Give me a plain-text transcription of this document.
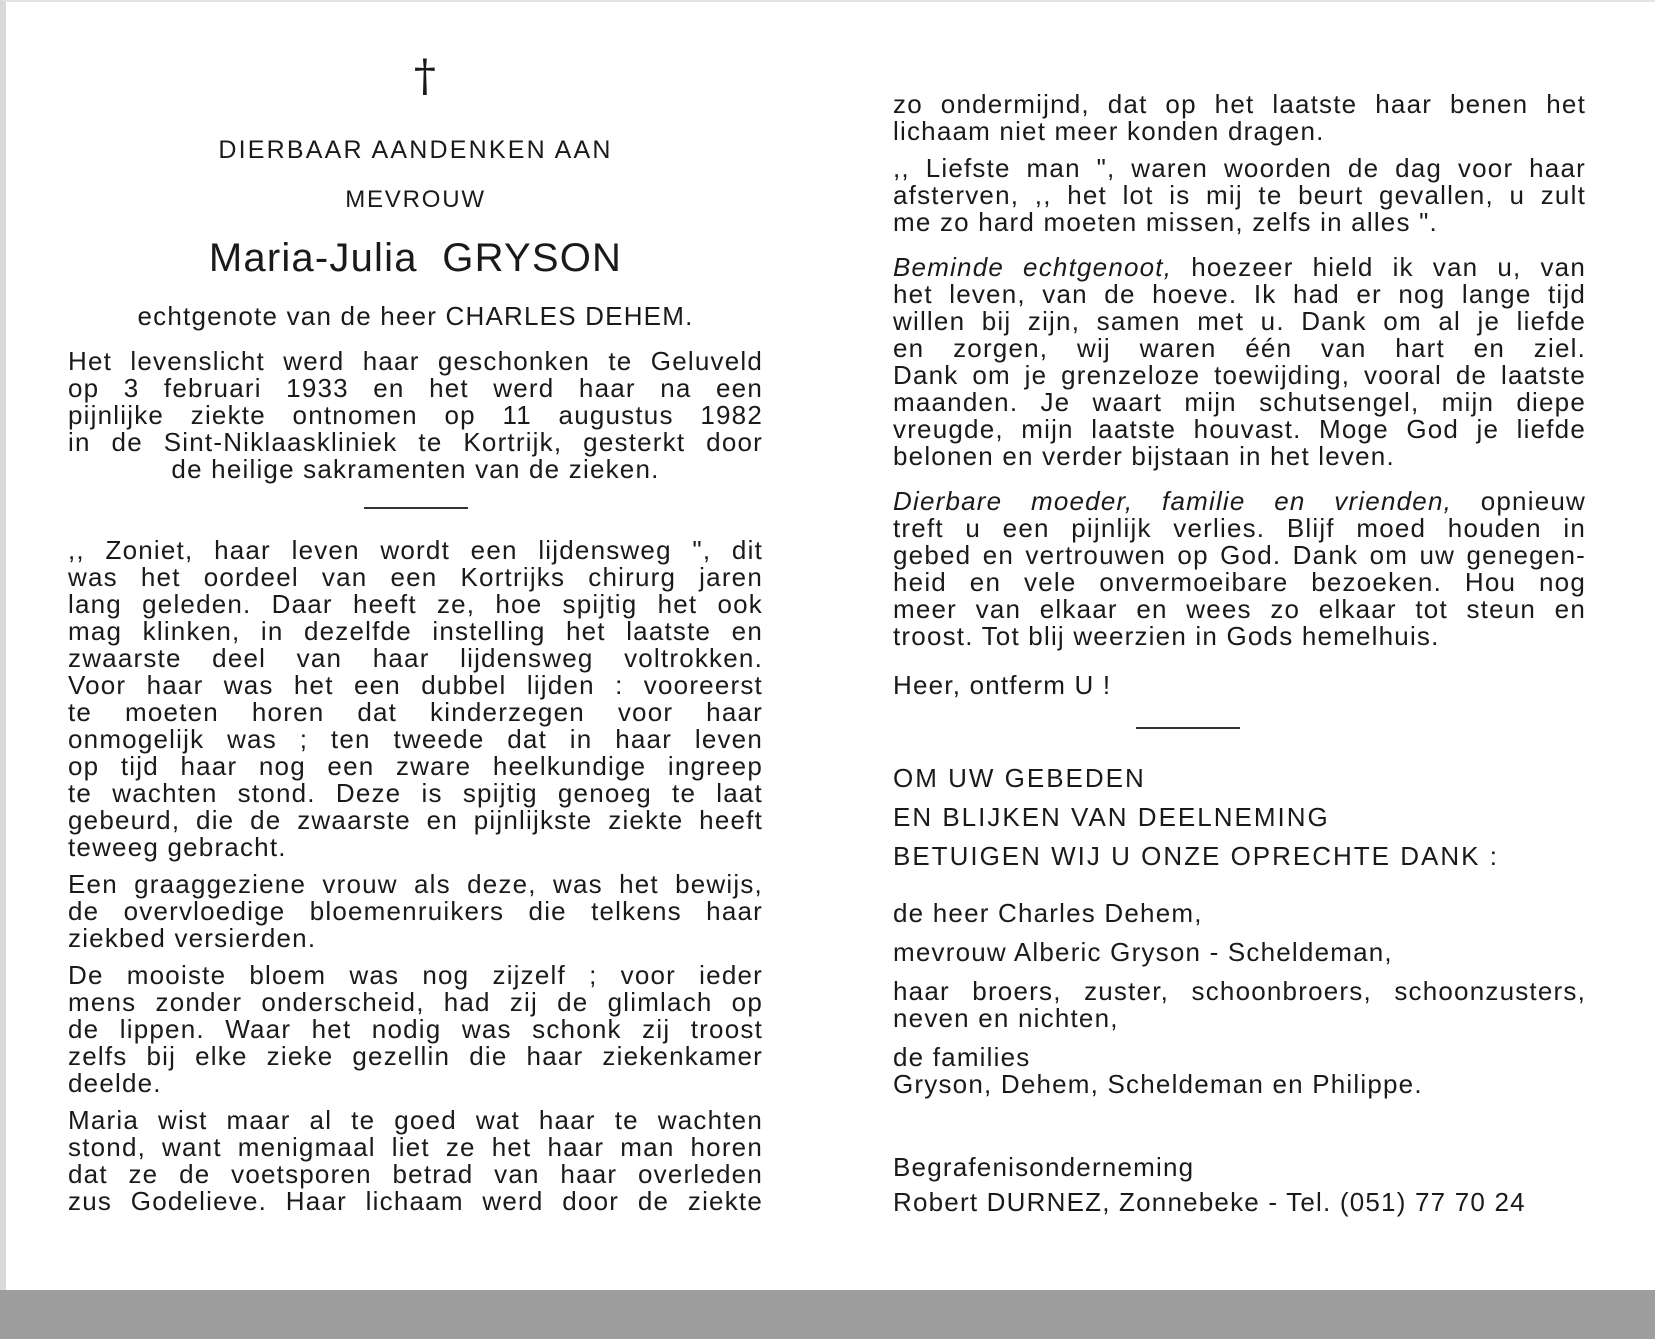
†
DIERBAAR AANDENKEN AAN
MEVROUW
Maria-Julia  GRYSON
echtgenote van de heer CHARLES DEHEM.
Het levenslicht werd haar geschonken te Geluveld
op 3 februari 1933 en het werd haar na een
pijnlijke ziekte ontnomen op 11 augustus 1982
in de Sint-Niklaaskliniek te Kortrijk, gesterkt door
de heilige sakramenten van de zieken.
,, Zoniet, haar leven wordt een lijdensweg ", dit
was het oordeel van een Kortrijks chirurg jaren
lang geleden. Daar heeft ze, hoe spijtig het ook
mag klinken, in dezelfde instelling het laatste en
zwaarste deel van haar lijdensweg voltrokken.
Voor haar was het een dubbel lijden : vooreerst
te moeten horen dat kinderzegen voor haar
onmogelijk was ; ten tweede dat in haar leven
op tijd haar nog een zware heelkundige ingreep
te wachten stond. Deze is spijtig genoeg te laat
gebeurd, die de zwaarste en pijnlijkste ziekte heeft
teweeg gebracht.
Een graaggeziene vrouw als deze, was het bewijs,
de overvloedige bloemenruikers die telkens haar
ziekbed versierden.
De mooiste bloem was nog zijzelf ; voor ieder
mens zonder onderscheid, had zij de glimlach op
de lippen. Waar het nodig was schonk zij troost
zelfs bij elke zieke gezellin die haar ziekenkamer
deelde.
Maria wist maar al te goed wat haar te wachten
stond, want menigmaal liet ze het haar man horen
dat ze de voetsporen betrad van haar overleden
zus Godelieve. Haar lichaam werd door de ziekte
zo ondermijnd, dat op het laatste haar benen het
lichaam niet meer konden dragen.
,, Liefste man ", waren woorden de dag voor haar
afsterven, ,, het lot is mij te beurt gevallen, u zult
me zo hard moeten missen, zelfs in alles ".
Beminde echtgenoot, hoezeer hield ik van u, van
het leven, van de hoeve. Ik had er nog lange tijd
willen bij zijn, samen met u. Dank om al je liefde
en zorgen, wij waren één van hart en ziel.
Dank om je grenzeloze toewijding, vooral de laatste
maanden. Je waart mijn schutsengel, mijn diepe
vreugde, mijn laatste houvast. Moge God je liefde
belonen en verder bijstaan in het leven.
Dierbare moeder, familie en vrienden, opnieuw
treft u een pijnlijk verlies. Blijf moed houden in
gebed en vertrouwen op God. Dank om uw genegen-
heid en vele onvermoeibare bezoeken. Hou nog
meer van elkaar en wees zo elkaar tot steun en
troost. Tot blij weerzien in Gods hemelhuis.
Heer, ontferm U !
OM UW GEBEDEN
EN BLIJKEN VAN DEELNEMING
BETUIGEN WIJ U ONZE OPRECHTE DANK :
de heer Charles Dehem,
mevrouw Alberic Gryson - Scheldeman,
haar broers, zuster, schoonbroers, schoonzusters,
neven en nichten,
de families
Gryson, Dehem, Scheldeman en Philippe.
Begrafenisonderneming
Robert DURNEZ, Zonnebeke - Tel. (051) 77 70 24
